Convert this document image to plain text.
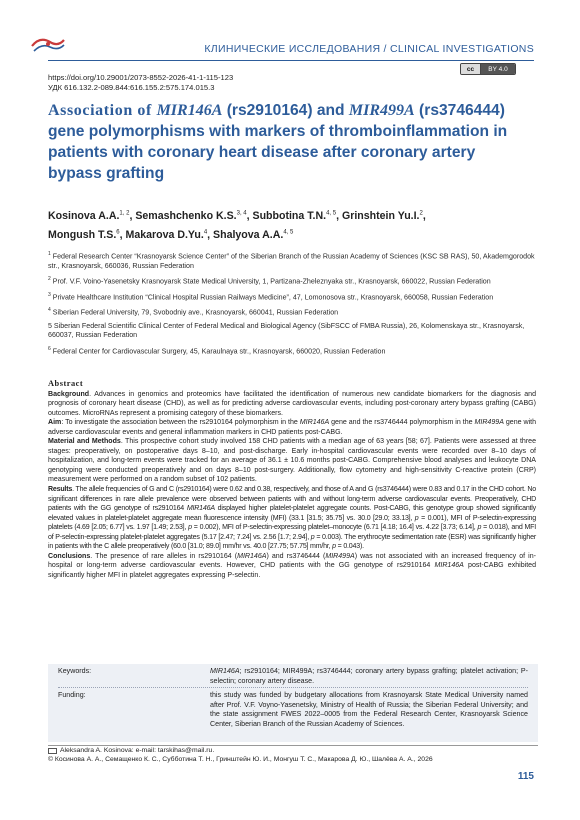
КЛИНИЧЕСКИЕ ИССЛЕДОВАНИЯ / CLINICAL INVESTIGATIONS
https://doi.org/10.29001/2073-8552-2026-41-1-115-123
УДК 616.132.2-089.844:616.155.2:575.174.015.3
cc	BY 4.0
Association of MIR146A (rs2910164) and MIR499A (rs3746444) gene polymorphisms with markers of thromboinflammation in patients with coronary heart disease after coronary artery bypass grafting
Kosinova A.A.$^{1, 2}$, Semashchenko K.S.$^{3, 4}$, Subbotina T.N.$^{4, 5}$, Grinshtein Yu.I.$^2$,
Mongush T.S.$^6$, Makarova D.Yu.$^4$, Shalyova A.A.$^{4, 5}$
$^1$ Federal Research Center “Krasnoyarsk Science Center” of the Siberian Branch of the Russian Academy of Sciences (KSC SB RAS), 50, Akademgorodok str., Krasnoyarsk, 660036, Russian Federation
$^2$ Prof. V.F. Voino-Yasenetsky Krasnoyarsk State Medical University, 1, Partizana-Zheleznyaka str., Krasnoyarsk, 660022, Russian Federation
$^3$ Private Healthcare Institution “Clinical Hospital Russian Railways Medicine”, 47, Lomonosova str., Krasnoyarsk, 660058, Russian Federation
$^4$ Siberian Federal University, 79, Svobodniy ave., Krasnoyarsk, 660041, Russian Federation
5 Siberian Federal Scientific Clinical Center of Federal Medical and Biological Agency (SibFSCC of FMBA Russia), 26, Kolomenskaya str., Krasnoyarsk, 660037, Russian Federation
$^6$ Federal Center for Cardiovascular Surgery, 45, Karaulnaya str., Krasnoyarsk, 660020, Russian Federation
Abstract

Background. Advances in genomics and proteomics have facilitated the identification of numerous new candidate biomarkers for the diagnosis and prognosis of coronary heart disease (CHD), as well as for predicting adverse cardiovascular events, including post-coronary artery bypass grafting (CABG) outcomes. MicroRNAs represent a promising category of these biomarkers.

Aim: To investigate the association between the rs2910164 polymorphism in the MIR146A gene and the rs3746444 polymorphism in the MIR499A gene with adverse cardiovascular events and general inflammation markers in CHD patients post-CABG.

Material and Methods. This prospective cohort study involved 158 CHD patients with a median age of 63 years [58; 67]. Patients were assessed at three stages: preoperatively, on postoperative days 8–10, and post-discharge. Early in-hospital cardiovascular events were recorded over 8–10 days of hospitalization, and long-term events were tracked for an average of 36.1 ± 10.6 months post-CABG. Comprehensive blood analyses and leukocyte DNA genotyping were conducted preoperatively and on days 8–10 post-surgery. Additionally, flow cytometry and high-sensitivity C-reactive protein (CRP) measurement were performed on a random subset of 102 patients.

Results. The allele frequencies of G and C (rs2910164) were 0.62 and 0.38, respectively, and those of A and G (rs3746444) were 0.83 and 0.17 in the CHD cohort. No significant differences in rare allele prevalence were observed between patients with and without long-term adverse cardiovascular events. Preoperatively, CHD patients with the GG genotype of rs2910164 MIR146A displayed higher platelet-platelet aggregate counts. Post-CABG, this genotype group showed significantly elevated values in platelet-platelet aggregate mean fluorescence intensity (MFI) (33.1 [31.5; 35.75] vs. 30.0 [29.0; 33.13], p = 0.001), MFI of P-selectin-expressing platelets (4.69 [2.05; 6.77] vs. 1.97 [1.49; 2.53], p = 0.002), MFI of P-selectin-expressing platelet–monocyte (6.71 [4.18; 16.4] vs. 4.22 [3.73; 6.14], p = 0.018), and MFI of P-selectin-expressing platelet-platelet aggregates (5.17 [2.47; 7.24] vs. 2.56 [1.7; 2.94], p = 0.003). The erythrocyte sedimentation rate (ESR) was significantly higher in patients with the C allele preoperatively (60.0 [31.0; 89.0] mm/hr vs. 40.0 [27.75; 57.75] mm/hr, p = 0.043).

Conclusions. The presence of rare alleles in rs2910164 (MIR146A) and rs3746444 (MIR499A) was not associated with an increased frequency of in-hospital or long-term adverse cardiovascular events. However, CHD patients with the GG genotype of rs2910164 MIR146A post-CABG exhibited significantly higher MFI in platelet aggregates expressing P-selectin.

Keywords:	MIR146A; rs2910164; MIR499A; rs3746444; coronary artery bypass grafting; platelet activation; P-selectin; coronary artery disease.
Funding:	this study was funded by budgetary allocations from Krasnoyarsk State Medical University named after Prof. V.F. Voyno-Yasenetsky, Ministry of Health of Russia; the Siberian Federal University; and the state assignment FWES 2022–0005 from the Federal Research Center, Krasnoyarsk Science Center, Siberian Branch of the Russian Academy of Sciences.
Aleksandra A. Kosinova: e-mail: tarskihas@mail.ru.
© Косинова А. А., Семащенко К. С., Субботина Т. Н., Гринштейн Ю. И., Монгуш Т. С., Макарова Д. Ю., Шалёва А. А., 2026
115
